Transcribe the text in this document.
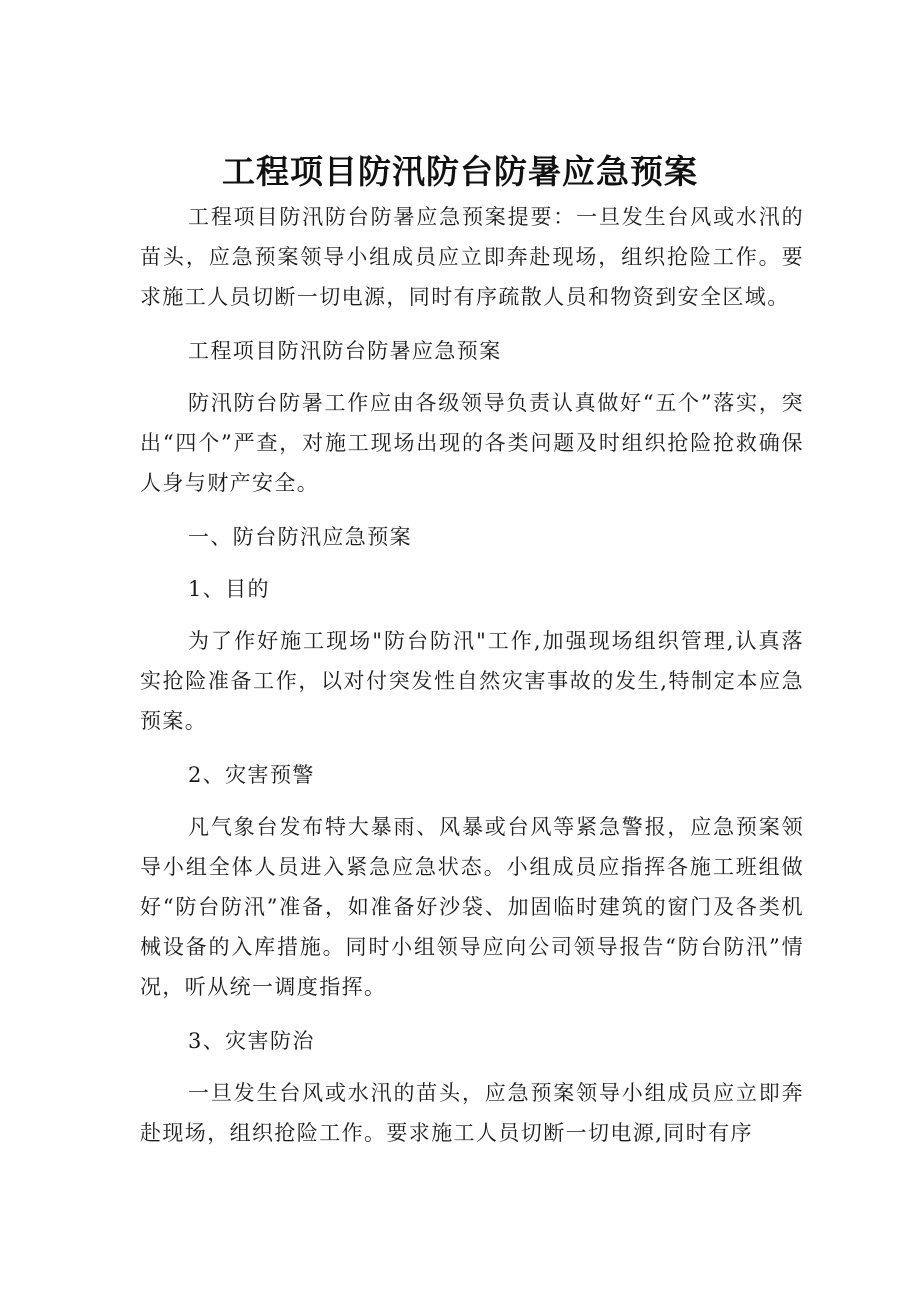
工程项目防汛防台防暑应急预案

工程项目防汛防台防暑应急预案提要：一旦发生台风或水汛的苗头，应急预案领导小组成员应立即奔赴现场，组织抢险工作。要求施工人员切断一切电源，同时有序疏散人员和物资到安全区域。

工程项目防汛防台防暑应急预案

防汛防台防暑工作应由各级领导负责认真做好“五个”落实，突出“四个”严查，对施工现场出现的各类问题及时组织抢险抢救确保人身与财产安全。

一、防台防汛应急预案

1、目的

为了作好施工现场"防台防汛"工作,加强现场组织管理,认真落实抢险准备工作，以对付突发性自然灾害事故的发生,特制定本应急预案。

2、灾害预警

凡气象台发布特大暴雨、风暴或台风等紧急警报，应急预案领导小组全体人员进入紧急应急状态。小组成员应指挥各施工班组做好“防台防汛”准备，如准备好沙袋、加固临时建筑的窗门及各类机械设备的入库措施。同时小组领导应向公司领导报告“防台防汛”情况，听从统一调度指挥。

3、灾害防治

一旦发生台风或水汛的苗头，应急预案领导小组成员应立即奔赴现场，组织抢险工作。要求施工人员切断一切电源,同时有序
